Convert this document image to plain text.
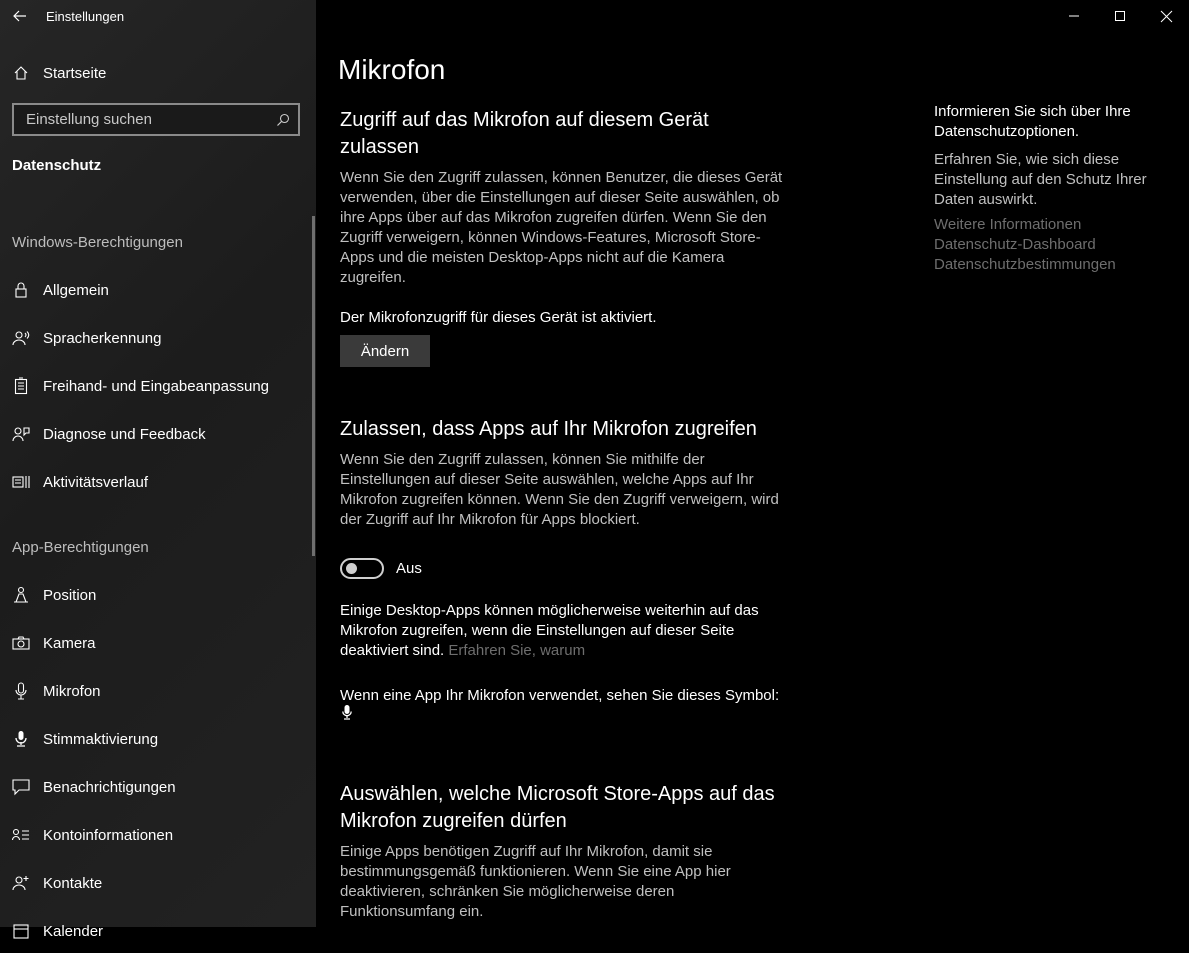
Einstellungen
Startseite
Einstellung suchen
Datenschutz
Windows-Berechtigungen
Allgemein
Spracherkennung
Freihand- und Eingabeanpassung
Diagnose und Feedback
Aktivitätsverlauf
App-Berechtigungen
Position
Kamera
Mikrofon
Stimmaktivierung
Benachrichtigungen
Kontoinformationen
Kontakte
Kalender
Mikrofon
Zugriff auf das Mikrofon auf diesem Gerät zulassen
Wenn Sie den Zugriff zulassen, können Benutzer, die dieses Gerät verwenden, über die Einstellungen auf dieser Seite auswählen, ob ihre Apps über auf das Mikrofon zugreifen dürfen. Wenn Sie den Zugriff verweigern, können Windows-Features, Microsoft Store-Apps und die meisten Desktop-Apps nicht auf die Kamera zugreifen.
Der Mikrofonzugriff für dieses Gerät ist aktiviert.
Ändern
Zulassen, dass Apps auf Ihr Mikrofon zugreifen
Wenn Sie den Zugriff zulassen, können Sie mithilfe der Einstellungen auf dieser Seite auswählen, welche Apps auf Ihr Mikrofon zugreifen können. Wenn Sie den Zugriff verweigern, wird der Zugriff auf Ihr Mikrofon für Apps blockiert.
Aus
Einige Desktop-Apps können möglicherweise weiterhin auf das Mikrofon zugreifen, wenn die Einstellungen auf dieser Seite deaktiviert sind. Erfahren Sie, warum
Wenn eine App Ihr Mikrofon verwendet, sehen Sie dieses Symbol:
Auswählen, welche Microsoft Store-Apps auf das Mikrofon zugreifen dürfen
Einige Apps benötigen Zugriff auf Ihr Mikrofon, damit sie bestimmungsgemäß funktionieren. Wenn Sie eine App hier deaktivieren, schränken Sie möglicherweise deren Funktionsumfang ein.
Informieren Sie sich über Ihre Datenschutzoptionen.
Erfahren Sie, wie sich diese Einstellung auf den Schutz Ihrer Daten auswirkt.
Weitere Informationen
Datenschutz-Dashboard
Datenschutzbestimmungen
